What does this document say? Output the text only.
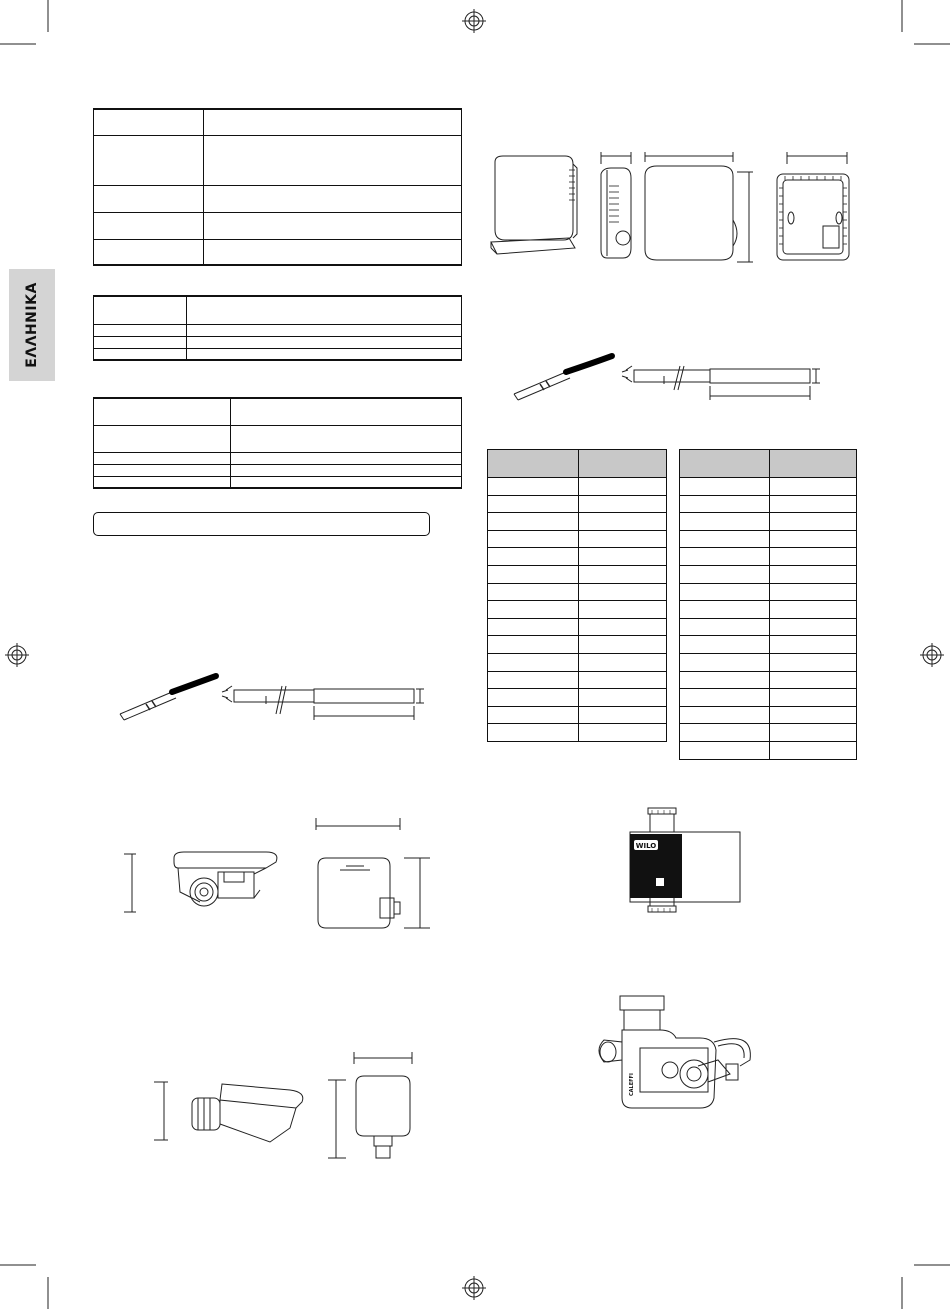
ΕΛΛΗΝΙΚΑ

WILO
CALEFFI
